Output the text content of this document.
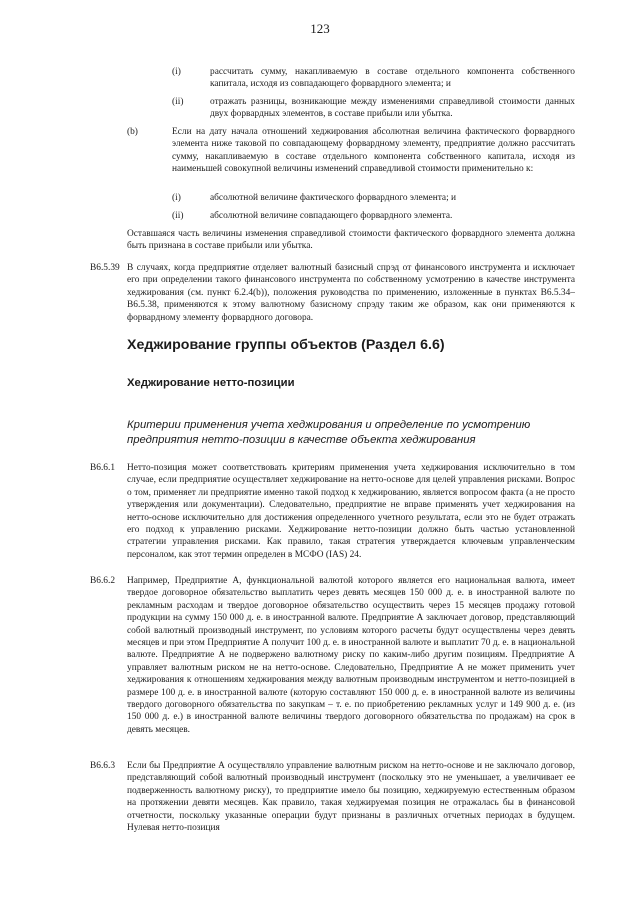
123
(i)	рассчитать сумму, накапливаемую в составе отдельного компонента собственного капитала, исходя из совпадающего форвардного элемента; и
(ii)	отражать разницы, возникающие между изменениями справедливой стоимости данных двух форвардных элементов, в составе прибыли или убытка.
(b)	Если на дату начала отношений хеджирования абсолютная величина фактического форвардного элемента ниже таковой по совпадающему форвардному элементу, предприятие должно рассчитать сумму, накапливаемую в составе отдельного компонента собственного капитала, исходя из наименьшей совокупной величины изменений справедливой стоимости применительно к:
(i)	абсолютной величине фактического форвардного элемента; и
(ii)	абсолютной величине совпадающего форвардного элемента.
Оставшаяся часть величины изменения справедливой стоимости фактического форвардного элемента должна быть признана в составе прибыли или убытка.
B6.5.39 В случаях, когда предприятие отделяет валютный базисный спрэд от финансового инструмента и исключает его при определении такого финансового инструмента по собственному усмотрению в качестве инструмента хеджирования (см. пункт 6.2.4(b)), положения руководства по применению, изложенные в пунктах B6.5.34–B6.5.38, применяются к этому валютному базисному спрэду таким же образом, как они применяются к форвардному элементу форвардного договора.
Хеджирование группы объектов (Раздел 6.6)
Хеджирование нетто-позиции
Критерии применения учета хеджирования и определение по усмотрению предприятия нетто-позиции в качестве объекта хеджирования
B6.6.1 Нетто-позиция может соответствовать критериям применения учета хеджирования исключительно в том случае, если предприятие осуществляет хеджирование на нетто-основе для целей управления рисками. Вопрос о том, применяет ли предприятие именно такой подход к хеджированию, является вопросом факта (а не просто утверждения или документации). Следовательно, предприятие не вправе применять учет хеджирования на нетто-основе исключительно для достижения определенного учетного результата, если это не будет отражать его подход к управлению рисками. Хеджирование нетто-позиции должно быть частью установленной стратегии управления рисками. Как правило, такая стратегия утверждается ключевым управленческим персоналом, как этот термин определен в МСФО (IAS) 24.
B6.6.2 Например, Предприятие А, функциональной валютой которого является его национальная валюта, имеет твердое договорное обязательство выплатить через девять месяцев 150 000 д. е. в иностранной валюте по рекламным расходам и твердое договорное обязательство осуществить через 15 месяцев продажу готовой продукции на сумму 150 000 д. е. в иностранной валюте. Предприятие А заключает договор, представляющий собой валютный производный инструмент, по условиям которого расчеты будут осуществлены через девять месяцев и при этом Предприятие А получит 100 д. е. в иностранной валюте и выплатит 70 д. е. в национальной валюте. Предприятие А не подвержено валютному риску по каким-либо другим позициям. Предприятие А управляет валютным риском не на нетто-основе. Следовательно, Предприятие А не может применить учет хеджирования к отношениям хеджирования между валютным производным инструментом и нетто-позицией в размере 100 д. е. в иностранной валюте (которую составляют 150 000 д. е. в иностранной валюте из величины твердого договорного обязательства по закупкам – т. е. по приобретению рекламных услуг и 149 900 д. е. (из 150 000 д. е.) в иностранной валюте величины твердого договорного обязательства по продажам) на срок в девять месяцев.
B6.6.3 Если бы Предприятие А осуществляло управление валютным риском на нетто-основе и не заключало договор, представляющий собой валютный производный инструмент (поскольку это не уменьшает, а увеличивает ее подверженность валютному риску), то предприятие имело бы позицию, хеджируемую естественным образом на протяжении девяти месяцев. Как правило, такая хеджируемая позиция не отражалась бы в финансовой отчетности, поскольку указанные операции будут признаны в различных отчетных периодах в будущем. Нулевая нетто-позиция
